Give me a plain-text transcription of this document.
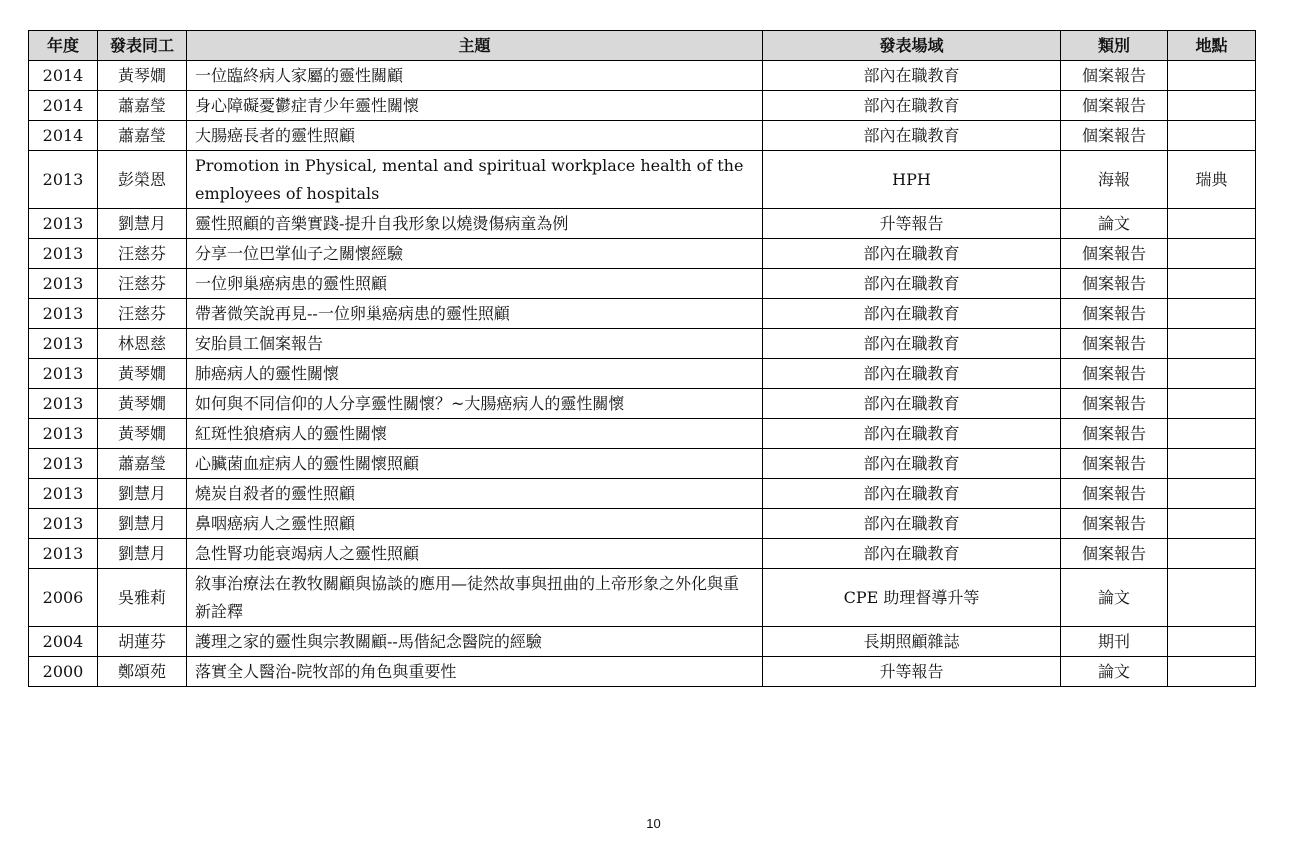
年度	發表同工	主題	發表場域	類別	地點
2014	黃琴嫺	一位臨終病人家屬的靈性關顧	部內在職教育	個案報告	
2014	蕭嘉瑩	身心障礙憂鬱症青少年靈性關懷	部內在職教育	個案報告	
2014	蕭嘉瑩	大腸癌長者的靈性照顧	部內在職教育	個案報告	
2013	彭榮恩	Promotion in Physical, mental and spiritual workplace health of the employees of hospitals	HPH	海報	瑞典
2013	劉慧月	靈性照顧的音樂實踐-提升自我形象以燒燙傷病童為例	升等報告	論文	
2013	汪慈芬	分享一位巴掌仙子之關懷經驗	部內在職教育	個案報告	
2013	汪慈芬	一位卵巢癌病患的靈性照顧	部內在職教育	個案報告	
2013	汪慈芬	帶著微笑說再見--一位卵巢癌病患的靈性照顧	部內在職教育	個案報告	
2013	林恩慈	安胎員工個案報告	部內在職教育	個案報告	
2013	黃琴嫺	肺癌病人的靈性關懷	部內在職教育	個案報告	
2013	黃琴嫺	如何與不同信仰的人分享靈性關懷？~大腸癌病人的靈性關懷	部內在職教育	個案報告	
2013	黃琴嫺	紅斑性狼瘡病人的靈性關懷	部內在職教育	個案報告	
2013	蕭嘉瑩	心臟菌血症病人的靈性關懷照顧	部內在職教育	個案報告	
2013	劉慧月	燒炭自殺者的靈性照顧	部內在職教育	個案報告	
2013	劉慧月	鼻咽癌病人之靈性照顧	部內在職教育	個案報告	
2013	劉慧月	急性腎功能衰竭病人之靈性照顧	部內在職教育	個案報告	
2006	吳雅莉	敘事治療法在教牧關顧與協談的應用—徒然故事與扭曲的上帝形象之外化與重新詮釋	CPE 助理督導升等	論文	
2004	胡蓮芬	護理之家的靈性與宗教關顧--馬偕紀念醫院的經驗	長期照顧雜誌	期刊	
2000	鄭頌苑	落實全人醫治-院牧部的角色與重要性	升等報告	論文	
10
